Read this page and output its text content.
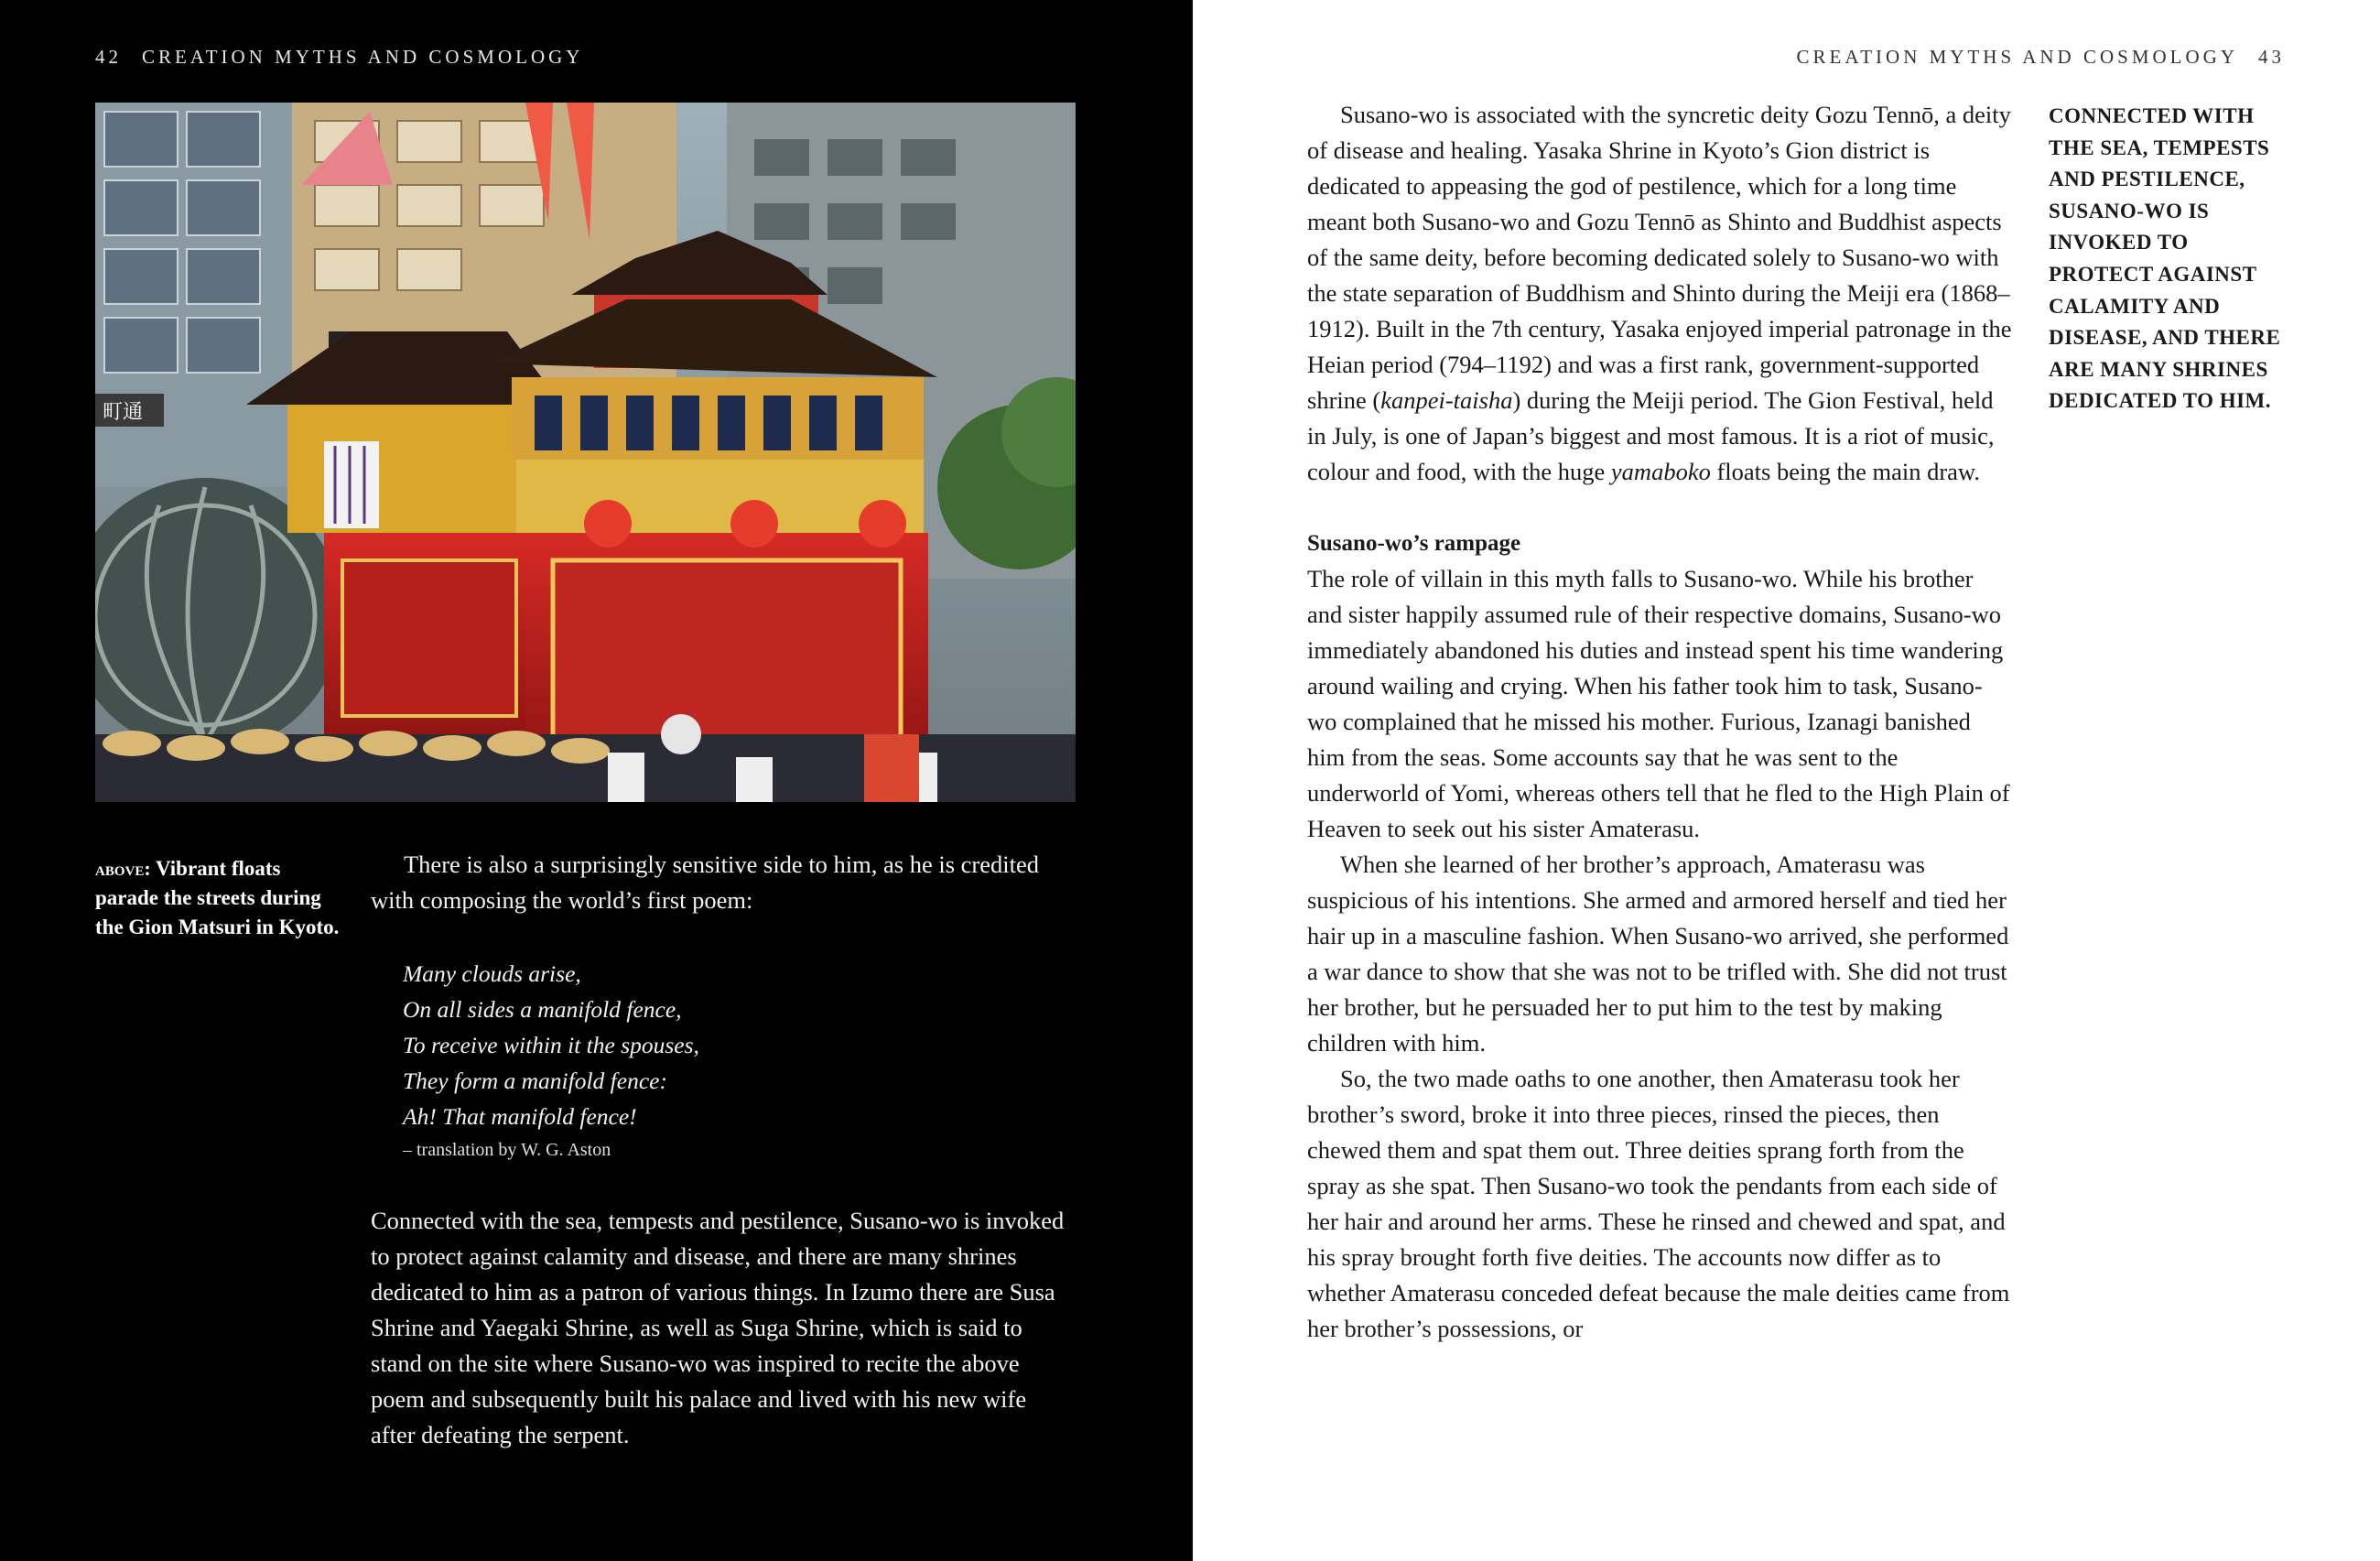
42 CREATION MYTHS AND COSMOLOGY
町通
above: Vibrant floats parade the streets during the Gion Matsuri in Kyoto.

There is also a surprisingly sensitive side to him, as he is credited with composing the world’s first poem:

Many clouds arise,
On all sides a manifold fence,
To receive within it the spouses,
They form a manifold fence:
Ah! That manifold fence!
– translation by W. G. Aston

Connected with the sea, tempests and pestilence, Susano-wo is invoked to protect against calamity and disease, and there are many shrines dedicated to him as a patron of various things. In Izumo there are Susa Shrine and Yaegaki Shrine, as well as Suga Shrine, which is said to stand on the site where Susano-wo was inspired to recite the above poem and subsequently built his palace and lived with his new wife after defeating the serpent.

CREATION MYTHS AND COSMOLOGY 43

Susano-wo is associated with the syncretic deity Gozu Tennō, a deity of disease and healing. Yasaka Shrine in Kyoto’s Gion district is dedicated to appeasing the god of pestilence, which for a long time meant both Susano-wo and Gozu Tennō as Shinto and Buddhist aspects of the same deity, before becoming dedicated solely to Susano-wo with the state separation of Buddhism and Shinto during the Meiji era (1868–1912). Built in the 7th century, Yasaka enjoyed imperial patronage in the Heian period (794–1192) and was a first rank, government-supported shrine (kanpei-taisha) during the Meiji period. The Gion Festival, held in July, is one of Japan’s biggest and most famous. It is a riot of music, colour and food, with the huge yamaboko floats being the main draw.

Susano-wo’s rampage

The role of villain in this myth falls to Susano-wo. While his brother and sister happily assumed rule of their respective domains, Susano-wo immediately abandoned his duties and instead spent his time wandering around wailing and crying. When his father took him to task, Susano-wo complained that he missed his mother. Furious, Izanagi banished him from the seas. Some accounts say that he was sent to the underworld of Yomi, whereas others tell that he fled to the High Plain of Heaven to seek out his sister Amaterasu.

When she learned of her brother’s approach, Amaterasu was suspicious of his intentions. She armed and armored herself and tied her hair up in a masculine fashion. When Susano-wo arrived, she performed a war dance to show that she was not to be trifled with. She did not trust her brother, but he persuaded her to put him to the test by making children with him.

So, the two made oaths to one another, then Amaterasu took her brother’s sword, broke it into three pieces, rinsed the pieces, then chewed them and spat them out. Three deities sprang forth from the spray as she spat. Then Susano-wo took the pendants from each side of her hair and around her arms. These he rinsed and chewed and spat, and his spray brought forth five deities. The accounts now differ as to whether Amaterasu conceded defeat because the male deities came from her brother’s possessions, or

CONNECTED WITH THE SEA, TEMPESTS AND PESTILENCE, SUSANO-WO IS INVOKED TO PROTECT AGAINST CALAMITY AND DISEASE, AND THERE ARE MANY SHRINES DEDICATED TO HIM.
